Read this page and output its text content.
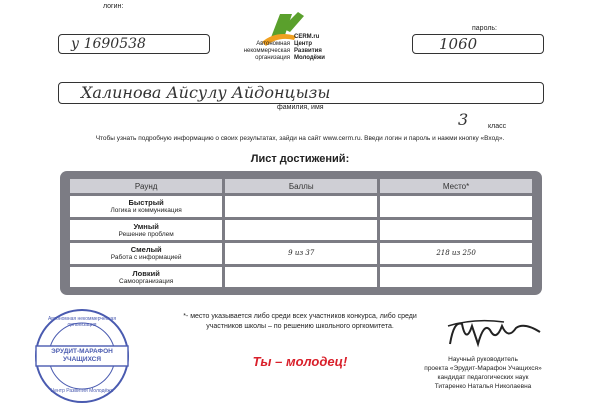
логин:
у 1690538	Автономная
некоммерческая
организация
CERM.ru
Центр
Развития
Молодёжи
пароль:
1060
Халинова Айсулу Айдонцызы
фамилия, имя
3	класс
Чтобы узнать подробную информацию о своих результатах, зайди на сайт www.cerm.ru. Введи логин и пароль и нажми кнопку «Вход».
Лист достижений:
Раунд	Баллы	Место*

Быстрый
Логика и коммуникация		

Умный
Решение проблем		

Смелый
Работа с информацией	9 из 37	218 из 250

Ловкий
Самоорганизация		

*- место указывается либо среди всех участников конкурса, либо среди
участников школы – по решению школьного оргкомитета.
Автономная некоммерческая организация
ЭРУДИТ-МАРАФОН
УЧАЩИХСЯ
Центр Развития Молодёжи
Ты – молодец!	Научный руководитель
проекта «Эрудит-Марафон Учащихся»
кандидат педагогических наук
Титаренко Наталья Николаевна
